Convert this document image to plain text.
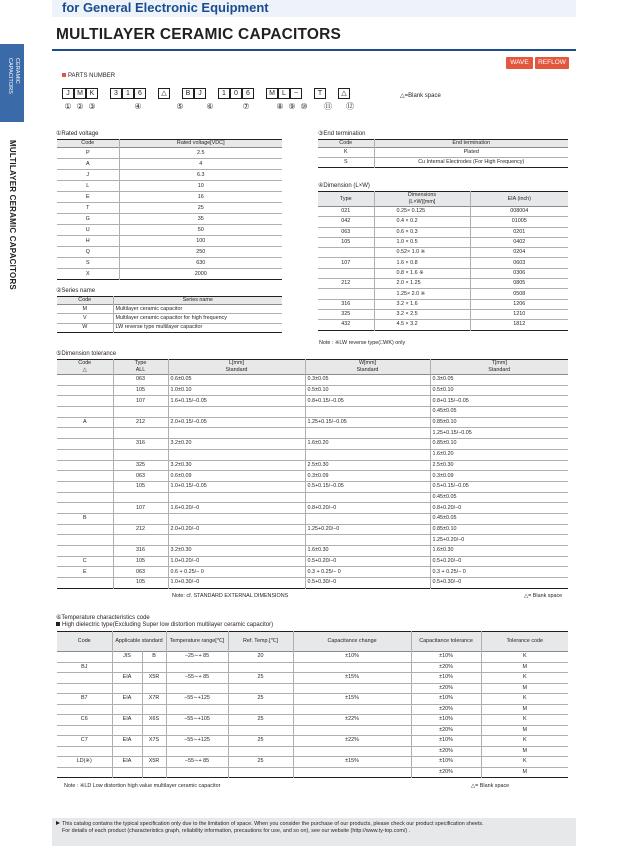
for General Electronic Equipment
MULTILAYER CERAMIC CAPACITORS
CERAMIC
CAPACITORS
MULTILAYER CERAMIC CAPACITORS
WAVE	REFLOW
PARTS NUMBER
J	M K	3	1	6	△	B	J	1	0	6	M	L	−	T	△
① ② ③	④	⑤	⑥	⑦	⑧ ⑨ ⑩	⑪	⑫
△=Blank space
①Rated voltage
Code	Rated voltage[VDC]
P	2.5
A	4
J	6.3
L	10
E	16
T	25
G	35
U	50
H	100
Q	250
S	630
X	2000
②Series name
Code	Series name
M	Multilayer ceramic capacitor
V	Multilayer ceramic capacitor for high frequency
W	LW reverse type multilayer capacitor
③End termination
Code	End termination
K	Plated
S	Cu Internal Electrodes (For High Frequency)
④Dimension (L×W)
Type	Dimensions
(L×W)[mm]	EIA (inch)
021	0.25× 0.125	008004
042	0.4 × 0.2	01005
063	0.6 × 0.3	0201
105	1.0 × 0.5	0402
	0.52× 1.0 ※	0204
107	1.6 × 0.8	0603
	0.8 × 1.6 ※	0306
212	2.0 × 1.25	0805
	1.25× 2.0 ※	0508
316	3.2 × 1.6	1206
325	3.2 × 2.5	1210
432	4.5 × 3.2	1812
Note : ※LW reverse type(□WK) only
⑤Dimension tolerance
Code	Type	L[mm]	W[mm]	T[mm]
△	ALL	Standard	Standard	Standard
	063	0.6±0.05	0.3±0.05	0.3±0.05
	105	1.0±0.10	0.5±0.10	0.5±0.10
	107	1.6+0.15/−0.05	0.8+0.15/−0.05	0.8+0.15/−0.05
				0.45±0.05
A	212	2.0+0.15/−0.05	1.25+0.15/−0.05	0.85±0.10
				1.25+0.15/−0.05
	316	3.2±0.20	1.6±0.20	0.85±0.10
				1.6±0.20
	325	3.2±0.30	2.5±0.30	2.5±0.30
	063	0.6±0.09	0.3±0.09	0.3±0.09
	105	1.0+0.15/−0.05	0.5+0.15/−0.05	0.5+0.15/−0.05
				0.45±0.05
	107	1.6+0.20/−0	0.8+0.20/−0	0.8+0.20/−0
B				0.45±0.05
	212	2.0+0.20/−0	1.25+0.20/−0	0.85±0.10
				1.25+0.20/−0
	316	3.2±0.30	1.6±0.30	1.6±0.30
C	105	1.0+0.20/−0	0.5+0.20/−0	0.5+0.20/−0
E	063	0.6 + 0.25/− 0	0.3 + 0.25/− 0	0.3 + 0.25/− 0
	105	1.0+0.30/−0	0.5+0.30/−0	0.5+0.30/−0
Note: cf. STANDARD EXTERNAL DIMENSIONS	△= Blank space
⑥Temperature characteristics code
High dielectric type(Excluding Super low distortion multilayer ceramic capacitor)
Code	Applicable standard		Temperature range[℃]	Ref. Temp.[℃]	Capacitance change	Capacitance tolerance	Tolerance code
	JIS	B	−25∼+ 85	20	±10%	±10%	K
BJ						±20%	M
	EIA	X5R	−55∼+ 85	25	±15%	±10%	K
						±20%	M
B7	EIA	X7R	−55∼+125	25	±15%	±10%	K
						±20%	M
C6	EIA	X6S	−55∼+105	25	±22%	±10%	K
						±20%	M
C7	EIA	X7S	−55∼+125	25	±22%	±10%	K
						±20%	M
LD(※)	EIA	X5R	−55∼+ 85	25	±15%	±10%	K
						±20%	M
Note : ※LD Low distortion high value multilayer ceramic capacitor	△= Blank space
This catalog contains the typical specification only due to the limitation of space. When you consider the purchase of our products, please check our product specification sheets.
For details of each product (characteristics graph, reliability information, precautions for use, and so on), see our website (http://www.ty-top.com/) .
